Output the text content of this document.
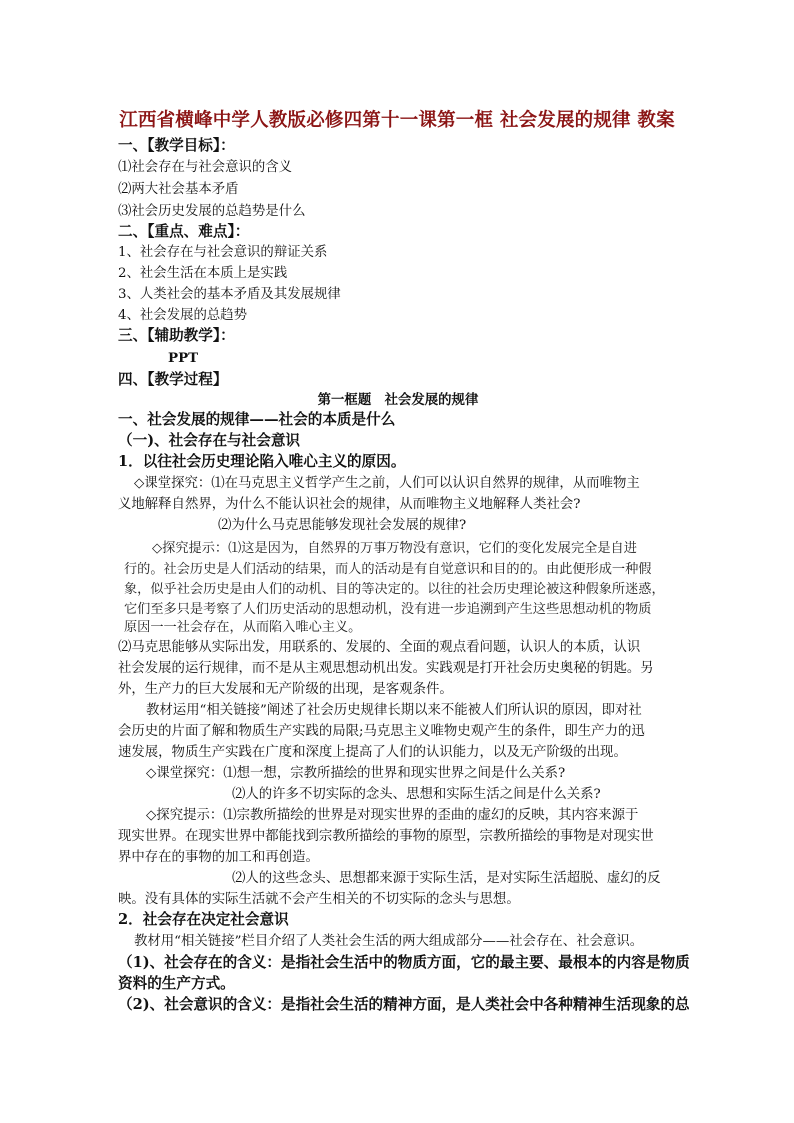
江西省横峰中学人教版必修四第十一课第一框 社会发展的规律 教案
一、【教学目标】：
⑴社会存在与社会意识的含义
⑵两大社会基本矛盾
⑶社会历史发展的总趋势是什么
二、【重点、难点】：
1、社会存在与社会意识的辩证关系
2、社会生活在本质上是实践
3、人类社会的基本矛盾及其发展规律
4、社会发展的总趋势
三、【辅助教学】：
PPT
四、【教学过程】
第一框题　社会发展的规律
一、社会发展的规律——社会的本质是什么
（一)、社会存在与社会意识
1．以往社会历史理论陷入唯心主义的原因。
◇课堂探究：⑴在马克思主义哲学产生之前，人们可以认识自然界的规律，从而唯物主
义地解释自然界，为什么不能认识社会的规律，从而唯物主义地解释人类社会?
⑵为什么马克思能够发现社会发展的规律?
◇探究提示：⑴这是因为，自然界的万事万物没有意识，它们的变化发展完全是自进
行的。社会历史是人们活动的结果，而人的活动是有自觉意识和目的的。由此便形成一种假
象，似乎社会历史是由人们的动机、目的等决定的。以往的社会历史理论被这种假象所迷惑，
它们至多只是考察了人们历史活动的思想动机，没有进一步追溯到产生这些思想动机的物质
原因一一社会存在，从而陷入唯心主义。
⑵马克思能够从实际出发，用联系的、发展的、全面的观点看问题，认识人的本质，认识
社会发展的运行规律，而不是从主观思想动机出发。实践观是打开社会历史奥秘的钥匙。另
外，生产力的巨大发展和无产阶级的出现，是客观条件。
教材运用“相关链接”阐述了社会历史规律长期以来不能被人们所认识的原因，即对社
会历史的片面了解和物质生产实践的局限;马克思主义唯物史观产生的条件，即生产力的迅
速发展，物质生产实践在广度和深度上提高了人们的认识能力，以及无产阶级的出现。
◇课堂探究：⑴想一想，宗教所描绘的世界和现实世界之间是什么关系?
⑵人的许多不切实际的念头、思想和实际生活之间是什么关系?
◇探究提示：⑴宗教所描绘的世界是对现实世界的歪曲的虚幻的反映，其内容来源于
现实世界。在现实世界中都能找到宗教所描绘的事物的原型，宗教所描绘的事物是对现实世
界中存在的事物的加工和再创造。
⑵人的这些念头、思想都来源于实际生活，是对实际生活超脱、虚幻的反
映。没有具体的实际生活就不会产生相关的不切实际的念头与思想。
2．社会存在决定社会意识
教材用“相关链接”栏目介绍了人类社会生活的两大组成部分——社会存在、社会意识。
（1)、社会存在的含义：是指社会生活中的物质方面，它的最主要、最根本的内容是物质
资料的生产方式。
（2)、社会意识的含义：是指社会生活的精神方面，是人类社会中各种精神生活现象的总
